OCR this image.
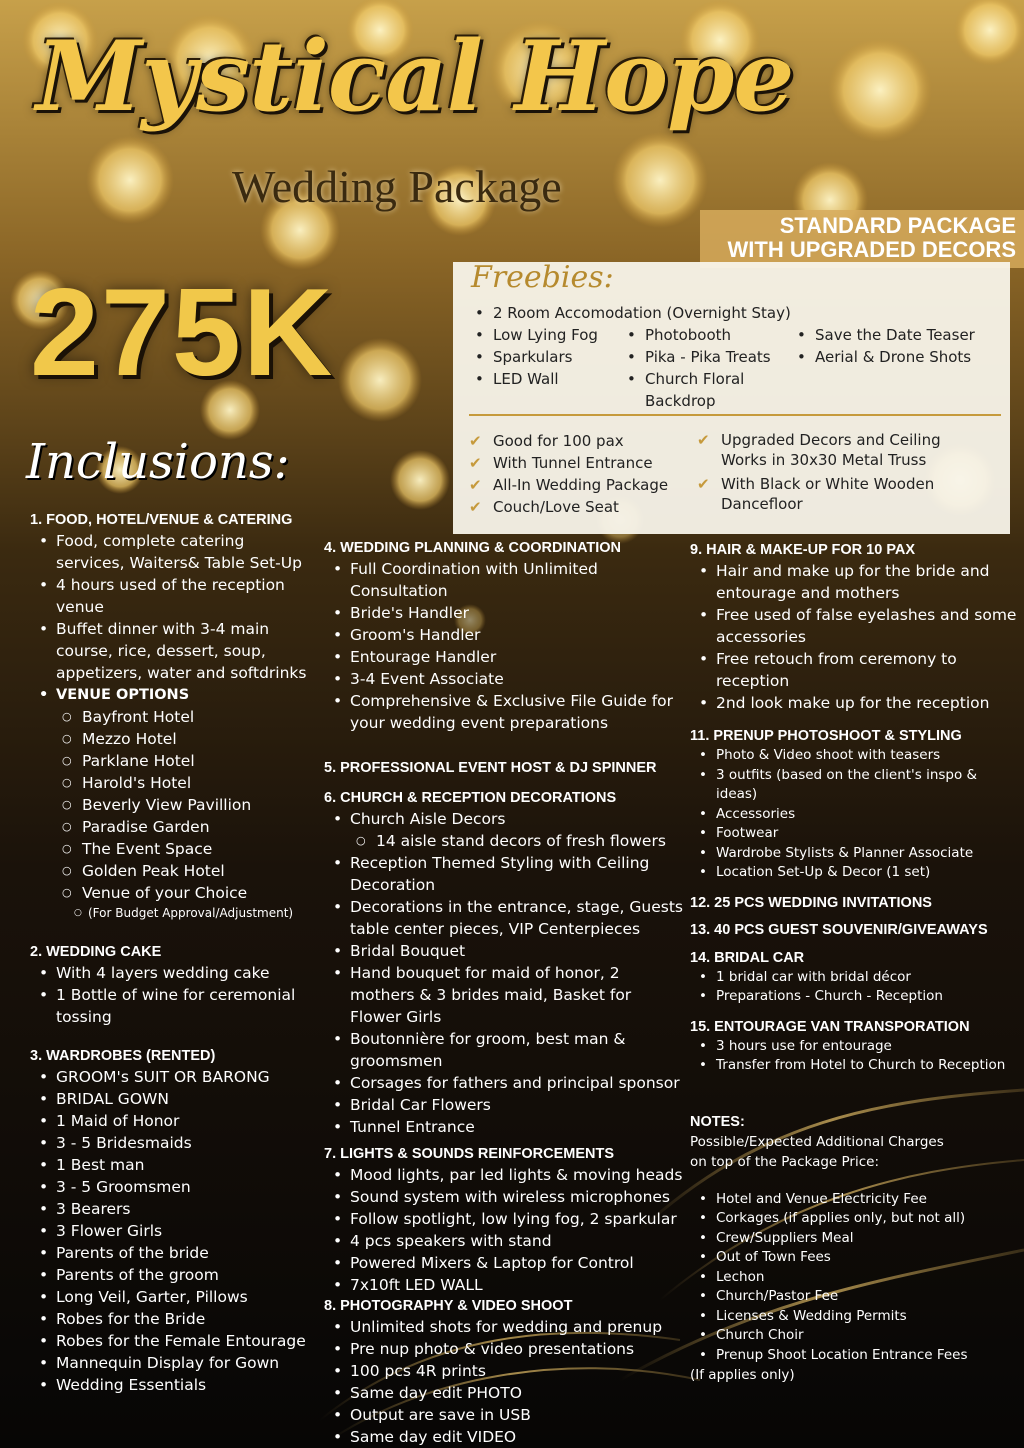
Mystical Hope
Wedding Package
STANDARD PACKAGE
WITH UPGRADED DECORS
275K	Freebies:
• 2 Room Accomodation (Overnight Stay)
• Low Lying Fog
• Sparkulars
• LED Wall
• Photobooth
• Pika - Pika Treats
• Church Floral Backdrop
• Save the Date Teaser
• Aerial & Drone Shots
✔ Good for 100 pax
✔ With Tunnel Entrance
✔ All-In Wedding Package
✔ Couch/Love Seat
✔ Upgraded Decors and Ceiling Works in 30x30 Metal Truss
✔ With Black or White Wooden Dancefloor
Inclusions:
1. FOOD, HOTEL/VENUE & CATERING
• Food, complete catering services, Waiters& Table Set-Up
• 4 hours used of the reception venue
• Buffet dinner with 3-4 main course, rice, dessert, soup, appetizers, water and softdrinks
• VENUE OPTIONS
○ Bayfront Hotel
○ Mezzo Hotel
○ Parklane Hotel
○ Harold's Hotel
○ Beverly View Pavillion
○ Paradise Garden
○ The Event Space
○ Golden Peak Hotel
○ Venue of your Choice
○ (For Budget Approval/Adjustment)
2. WEDDING CAKE
• With 4 layers wedding cake
• 1 Bottle of wine for ceremonial tossing
3. WARDROBES (RENTED)
• GROOM's SUIT OR BARONG
• BRIDAL GOWN
• 1 Maid of Honor
• 3 - 5 Bridesmaids
• 1 Best man
• 3 - 5 Groomsmen
• 3 Bearers
• 3 Flower Girls
• Parents of the bride
• Parents of the groom
• Long Veil, Garter, Pillows
• Robes for the Bride
• Robes for the Female Entourage
• Mannequin Display for Gown
• Wedding Essentials
4. WEDDING PLANNING & COORDINATION
• Full Coordination with Unlimited Consultation
• Bride's Handler
• Groom's Handler
• Entourage Handler
• 3-4 Event Associate
• Comprehensive & Exclusive File Guide for your wedding event preparations
5. PROFESSIONAL EVENT HOST & DJ SPINNER
6. CHURCH & RECEPTION DECORATIONS
• Church Aisle Decors
○ 14 aisle stand decors of fresh flowers
• Reception Themed Styling with Ceiling Decoration
• Decorations in the entrance, stage, Guests table center pieces, VIP Centerpieces
• Bridal Bouquet
• Hand bouquet for maid of honor, 2 mothers & 3 brides maid, Basket for Flower Girls
• Boutonnière for groom, best man & groomsmen
• Corsages for fathers and principal sponsor
• Bridal Car Flowers
• Tunnel Entrance
7. LIGHTS & SOUNDS REINFORCEMENTS
• Mood lights, par led lights & moving heads
• Sound system with wireless microphones
• Follow spotlight, low lying fog, 2 sparkular
• 4 pcs speakers with stand
• Powered Mixers & Laptop for Control
• 7x10ft LED WALL
8. PHOTOGRAPHY & VIDEO SHOOT
• Unlimited shots for wedding and prenup
• Pre nup photo & video presentations
• 100 pcs 4R prints
• Same day edit PHOTO
• Output are save in USB
• Same day edit VIDEO
9. HAIR & MAKE-UP FOR 10 PAX
• Hair and make up for the bride and entourage and mothers
• Free used of false eyelashes and some accessories
• Free retouch from ceremony to reception
• 2nd look make up for the reception
11. PRENUP PHOTOSHOOT & STYLING
• Photo & Video shoot with teasers
• 3 outfits (based on the client's inspo & ideas)
• Accessories
• Footwear
• Wardrobe Stylists & Planner Associate
• Location Set-Up & Decor (1 set)
12. 25 PCS WEDDING INVITATIONS
13. 40 PCS GUEST SOUVENIR/GIVEAWAYS
14. BRIDAL CAR
• 1 bridal car with bridal décor
• Preparations - Church - Reception
15. ENTOURAGE VAN TRANSPORATION
• 3 hours use for entourage
• Transfer from Hotel to Church to Reception
NOTES:
Possible/Expected Additional Charges on top of the Package Price:
• Hotel and Venue Electricity Fee
• Corkages (if applies only, but not all)
• Crew/Suppliers Meal
• Out of Town Fees
• Lechon
• Church/Pastor Fee
• Licenses & Wedding Permits
• Church Choir
• Prenup Shoot Location Entrance Fees
(If applies only)
